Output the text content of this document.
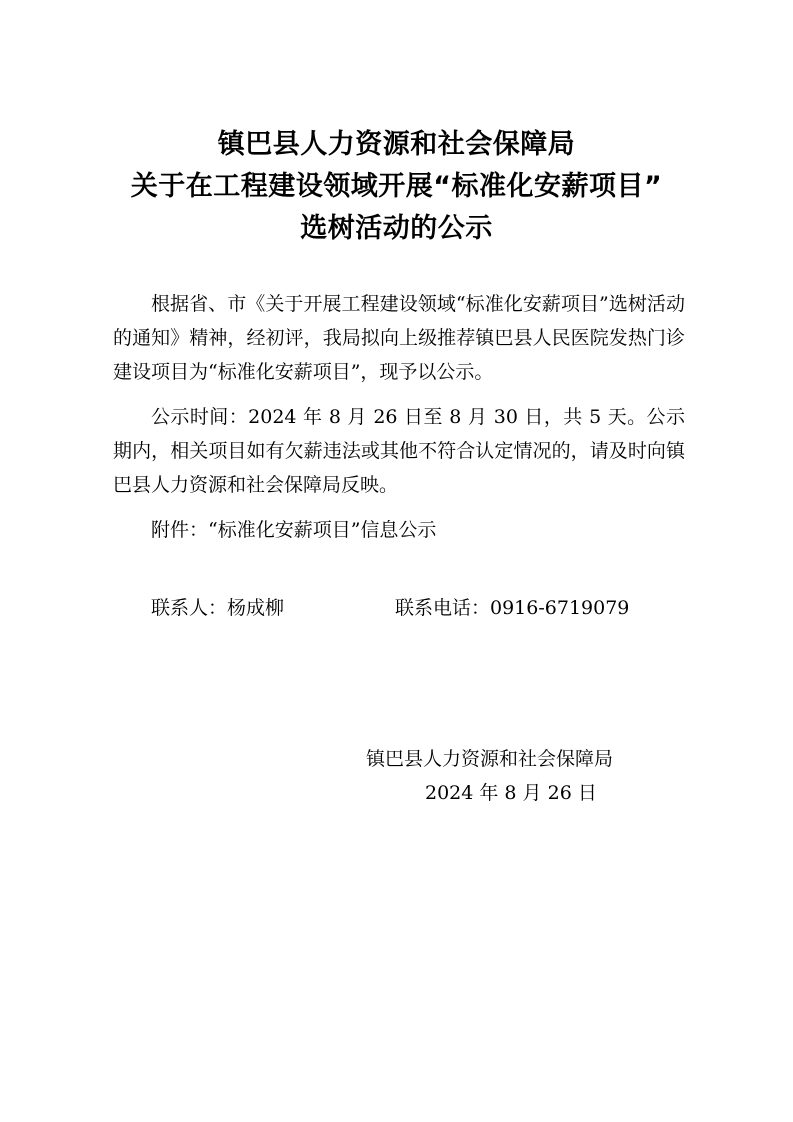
镇巴县人力资源和社会保障局
关于在工程建设领域开展“标准化安薪项目”
选树活动的公示

根据省、市《关于开展工程建设领域“标准化安薪项目”选树活动的通知》精神，经初评，我局拟向上级推荐镇巴县人民医院发热门诊建设项目为“标准化安薪项目”，现予以公示。

公示时间：2024 年 8 月 26 日至 8 月 30 日，共 5 天。公示期内，相关项目如有欠薪违法或其他不符合认定情况的，请及时向镇巴县人力资源和社会保障局反映。

附件：“标准化安薪项目”信息公示

联系人：杨成柳	联系电话：0916-6719079
镇巴县人力资源和社会保障局
2024 年 8 月 26 日
